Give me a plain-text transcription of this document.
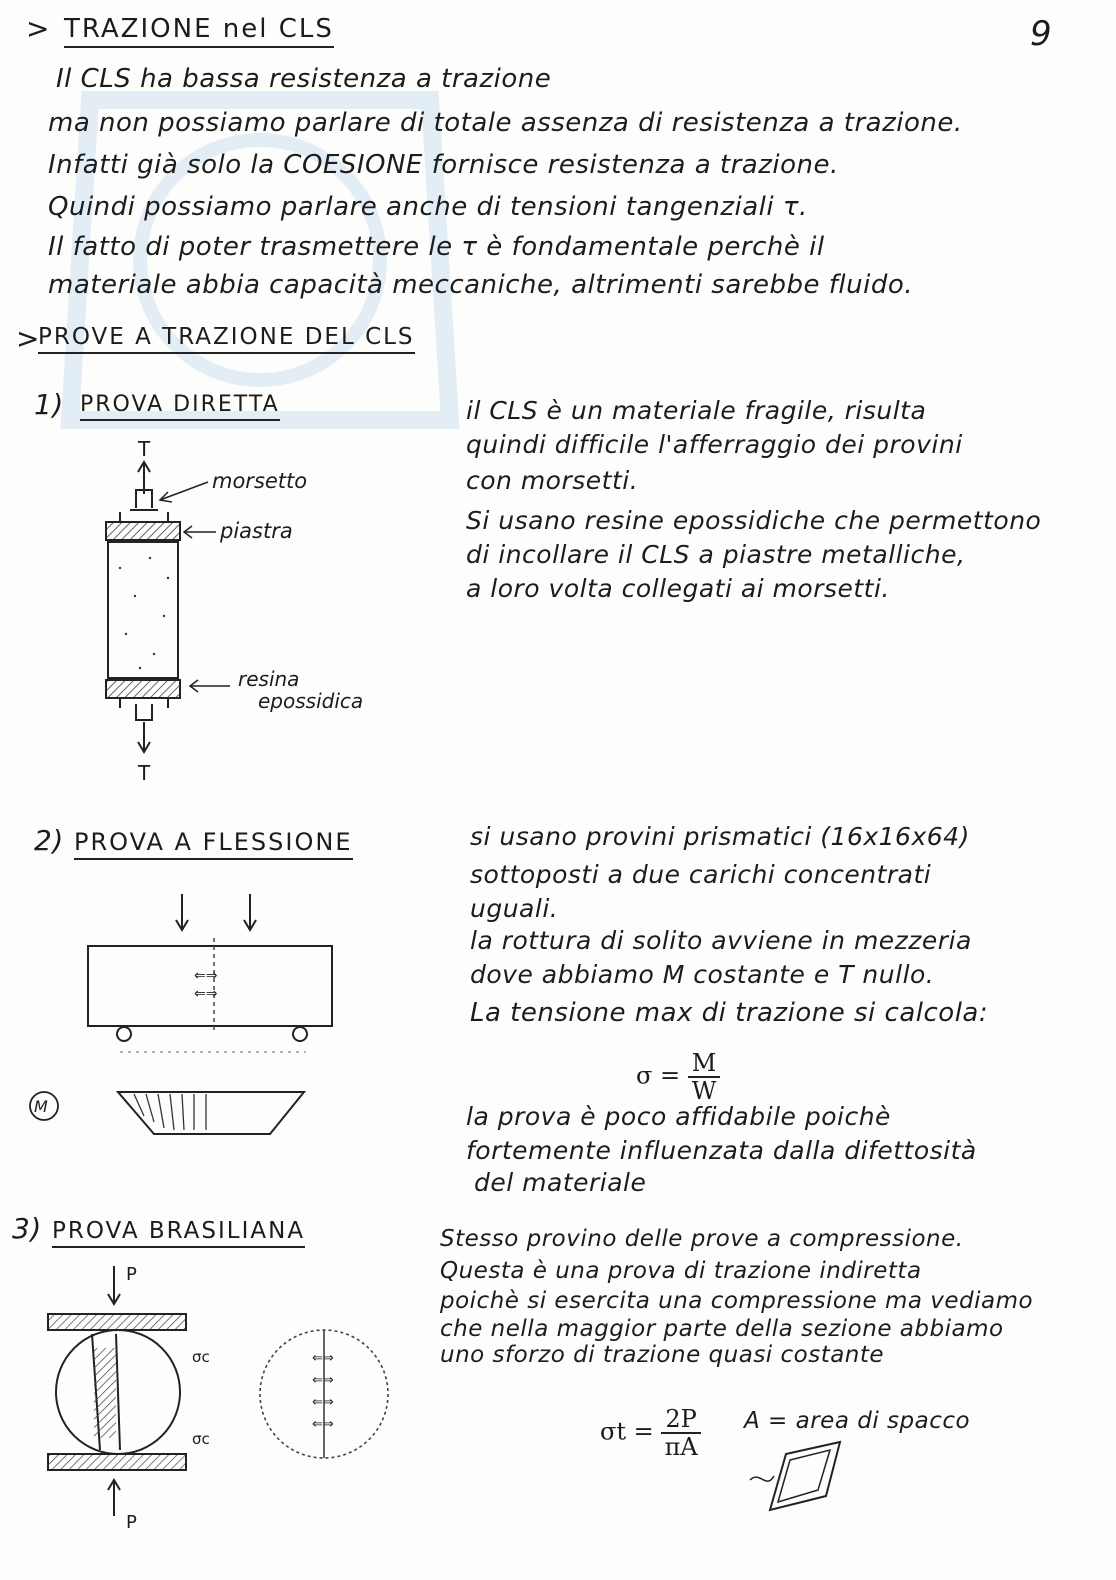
9
> TRAZIONE nel CLS
Il CLS ha bassa resistenza a trazione
ma non possiamo parlare di totale assenza di resistenza a trazione.
Infatti già solo la COESIONE fornisce resistenza a trazione.
Quindi possiamo parlare anche di tensioni tangenziali τ.
Il fatto di poter trasmettere le τ è fondamentale perchè il
materiale abbia capacità meccaniche, altrimenti sarebbe fluido.
>
PROVE A TRAZIONE DEL CLS
1) PROVA DIRETTA
T
morsetto
piastra
resina
epossidica
T
il CLS è un materiale fragile, risulta
quindi difficile l'afferraggio dei provini
con morsetti.
Si usano resine epossidiche che permettono
di incollare il CLS a piastre metalliche,
a loro volta collegati ai morsetti.
2) PROVA A FLESSIONE
⇐⇒
⇐⇒
M
si usano provini prismatici (16x16x64)
sottoposti a due carichi concentrati
uguali.
la rottura di solito avviene in mezzeria
dove abbiamo M costante e T nullo.
La tensione max di trazione si calcola:
$\sigma = \frac{M}{W}$
la prova è poco affidabile poichè
fortemente influenzata dalla difettosità
del materiale
3) PROVA BRASILIANA
P
σc
σc
P
⇐⇒
⇐⇒
⇐⇒
⇐⇒
Stesso provino delle prove a compressione.
Questa è una prova di trazione indiretta
poichè si esercita una compressione ma vediamo
che nella maggior parte della sezione abbiamo
uno sforzo di trazione quasi costante
$\sigma t = \frac{2P}{\pi A}$ A = area di spacco
